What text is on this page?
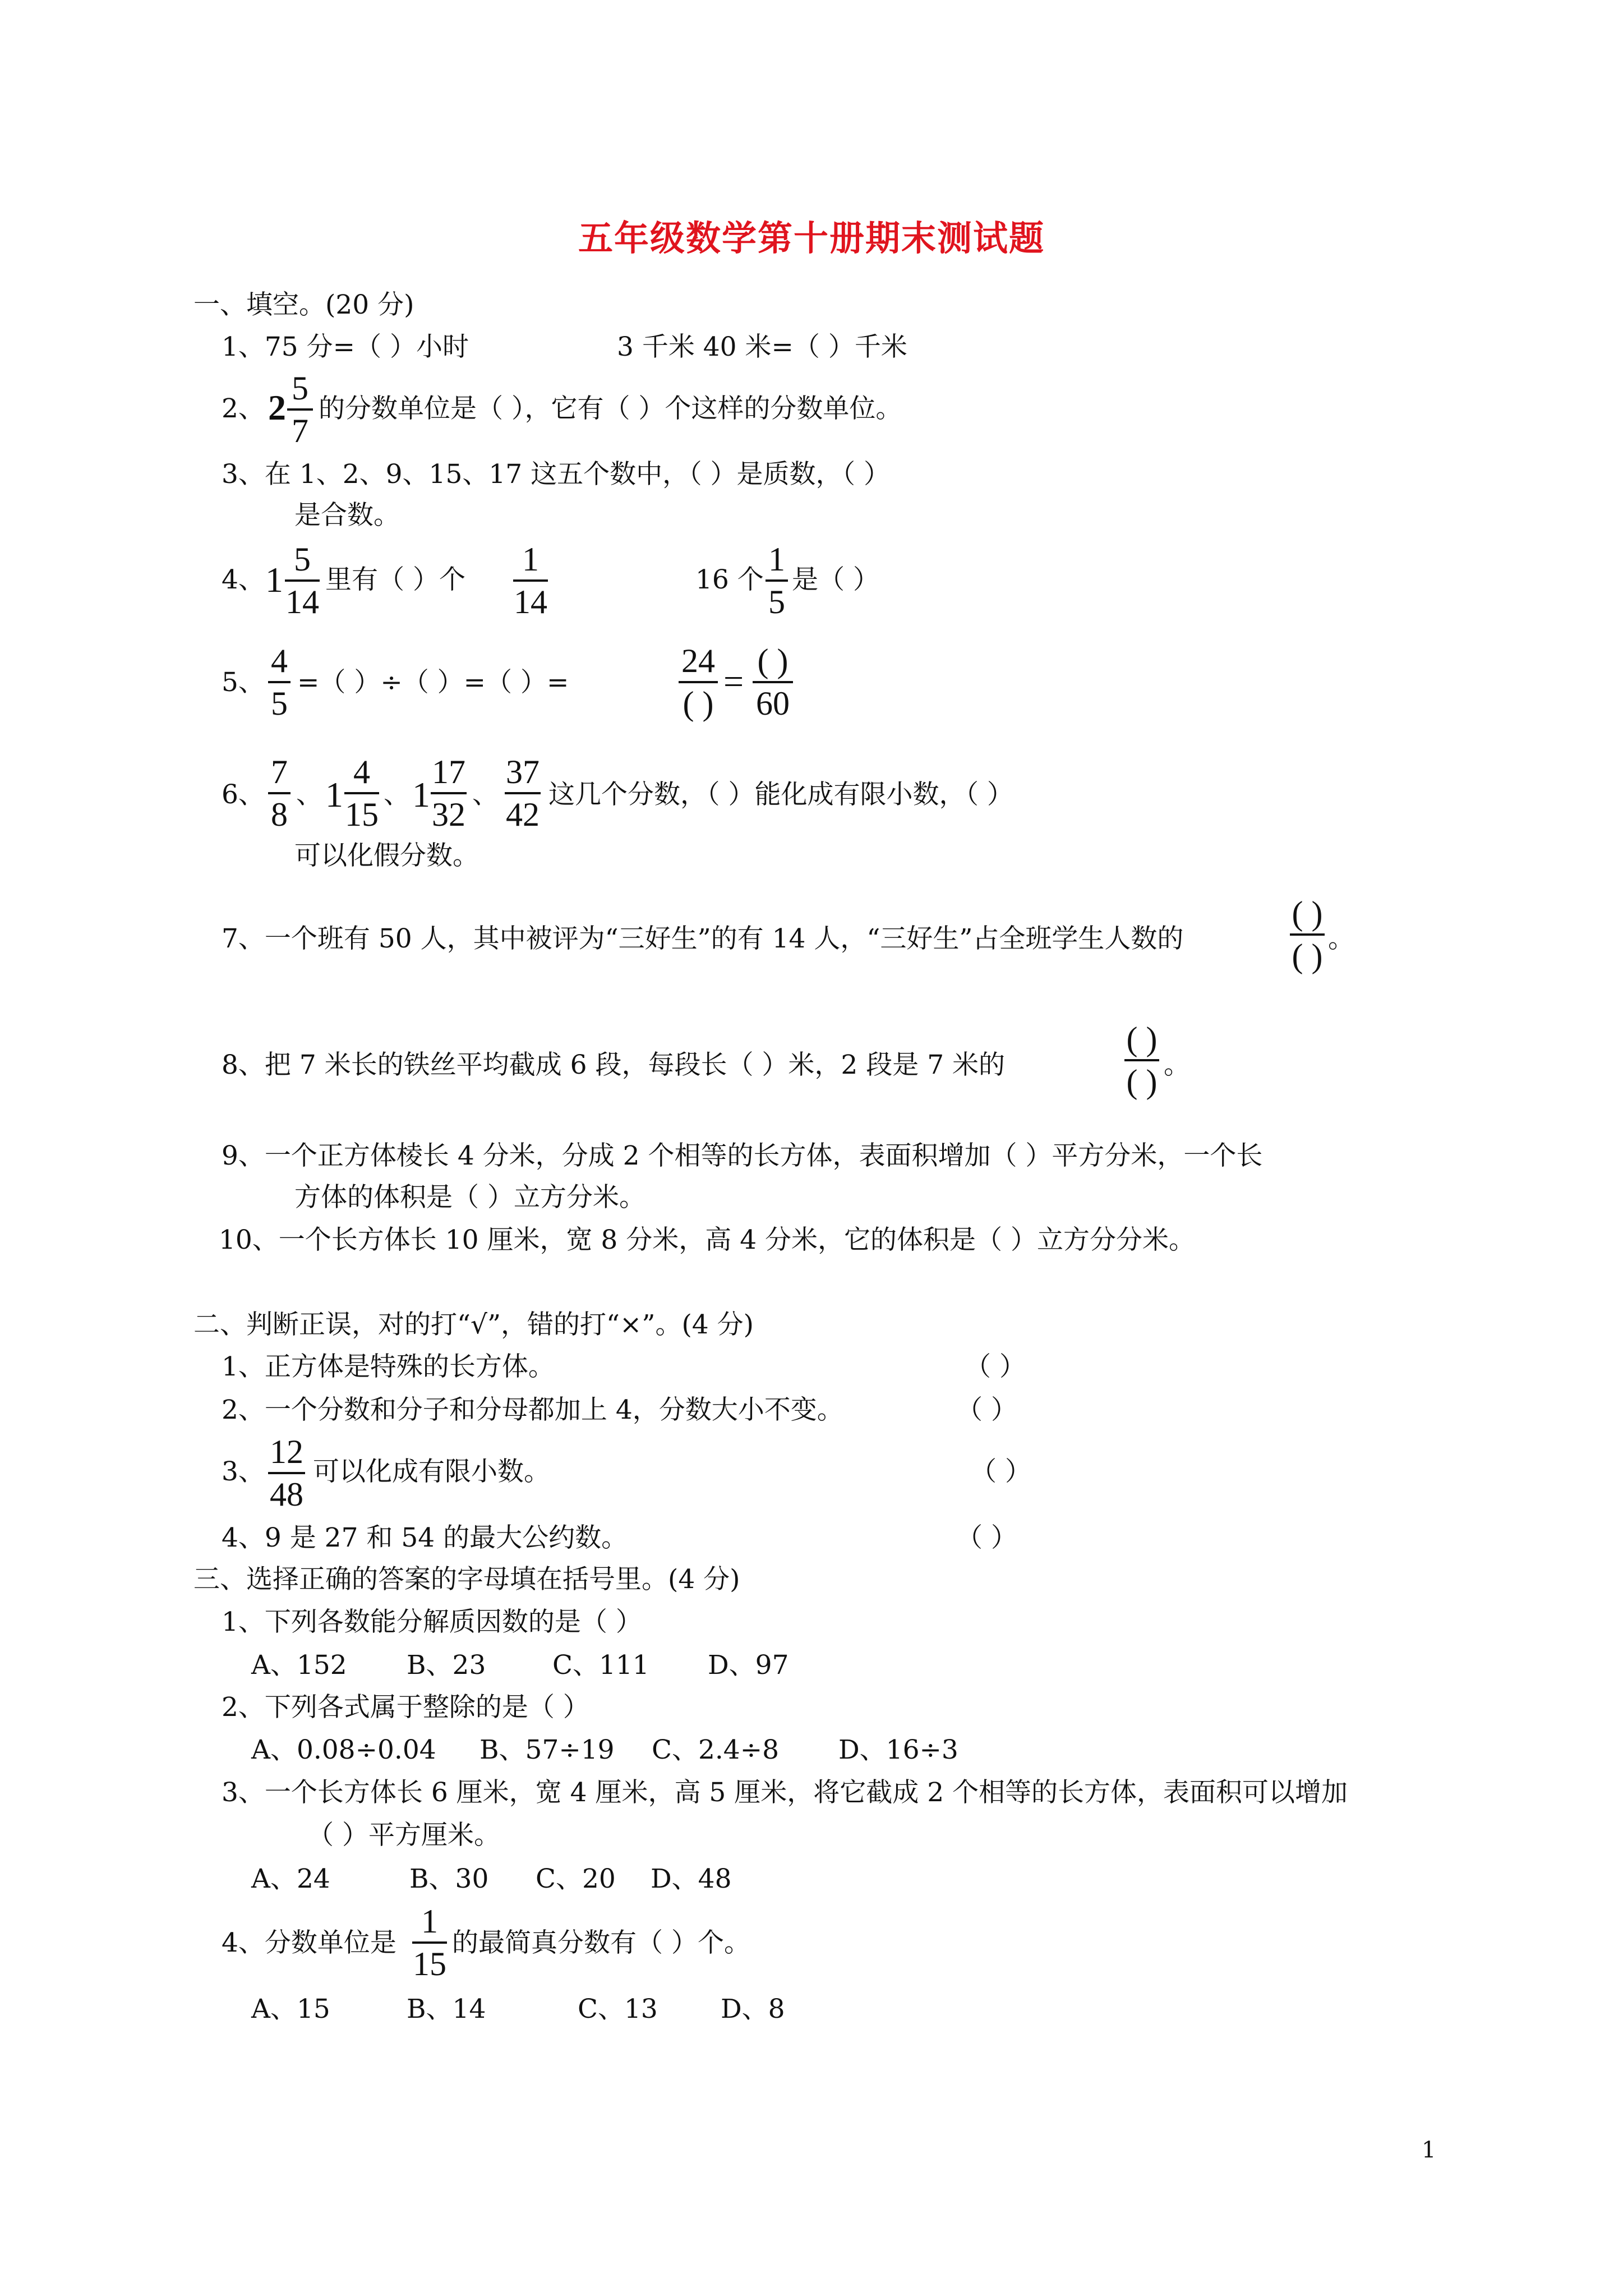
五年级数学第十册期末测试题
一、填空。(20 分)
1、75 分=（ ）小时	3 千米 40 米=（ ）千米
2、 2 5
7
的分数单位是（ ），它有（ ）个这样的分数单位。
3、在 1、2、9、15、17 这五个数中，（ ）是质数，（ ）
是合数。
4、 1
5
14
里有（ ）个
1
14
16 个
1
5
是（ ）
5、
4
5
=（ ）÷（ ）=（ ）=
24
( )
=
( )
60
6、
7
8
、 1
4
15
、 1
17
32
、
37
42
这几个分数，（ ）能化成有限小数，（ ）
可以化假分数。
7、一个班有 50 人，其中被评为“三好生”的有 14 人，“三好生”占全班学生人数的
( )
( ) 。
8、把 7 米长的铁丝平均截成 6 段，每段长（ ）米，2 段是 7 米的
( )
( ) 。
9、一个正方体棱长 4 分米，分成 2 个相等的长方体，表面积增加（ ）平方分米，一个长
方体的体积是（ ）立方分米。
10、一个长方体长 10 厘米，宽 8 分米，高 4 分米，它的体积是（ ）立方分分米。
二、判断正误，对的打“√”，错的打“×”。(4 分)
1、正方体是特殊的长方体。	（ ）
2、一个分数和分子和分母都加上 4，分数大小不变。	（ ）
3、
12
48
可以化成有限小数。	（ ）
4、9 是 27 和 54 的最大公约数。	（ ）
三、选择正确的答案的字母填在括号里。(4 分)
1、下列各数能分解质因数的是（ ）
A、152 B、23	C、111 D、97
2、下列各式属于整除的是（ ）
A、0.08÷0.04 B、57÷19 C、2.4÷8 D、16÷3
3、一个长方体长 6 厘米，宽 4 厘米，高 5 厘米，将它截成 2 个相等的长方体，表面积可以增加
（ ）平方厘米。
A、24	B、30 C、20 D、48
4、分数单位是
1
15
的最简真分数有（ ）个。
A、15	B、14	C、13 D、8
1
